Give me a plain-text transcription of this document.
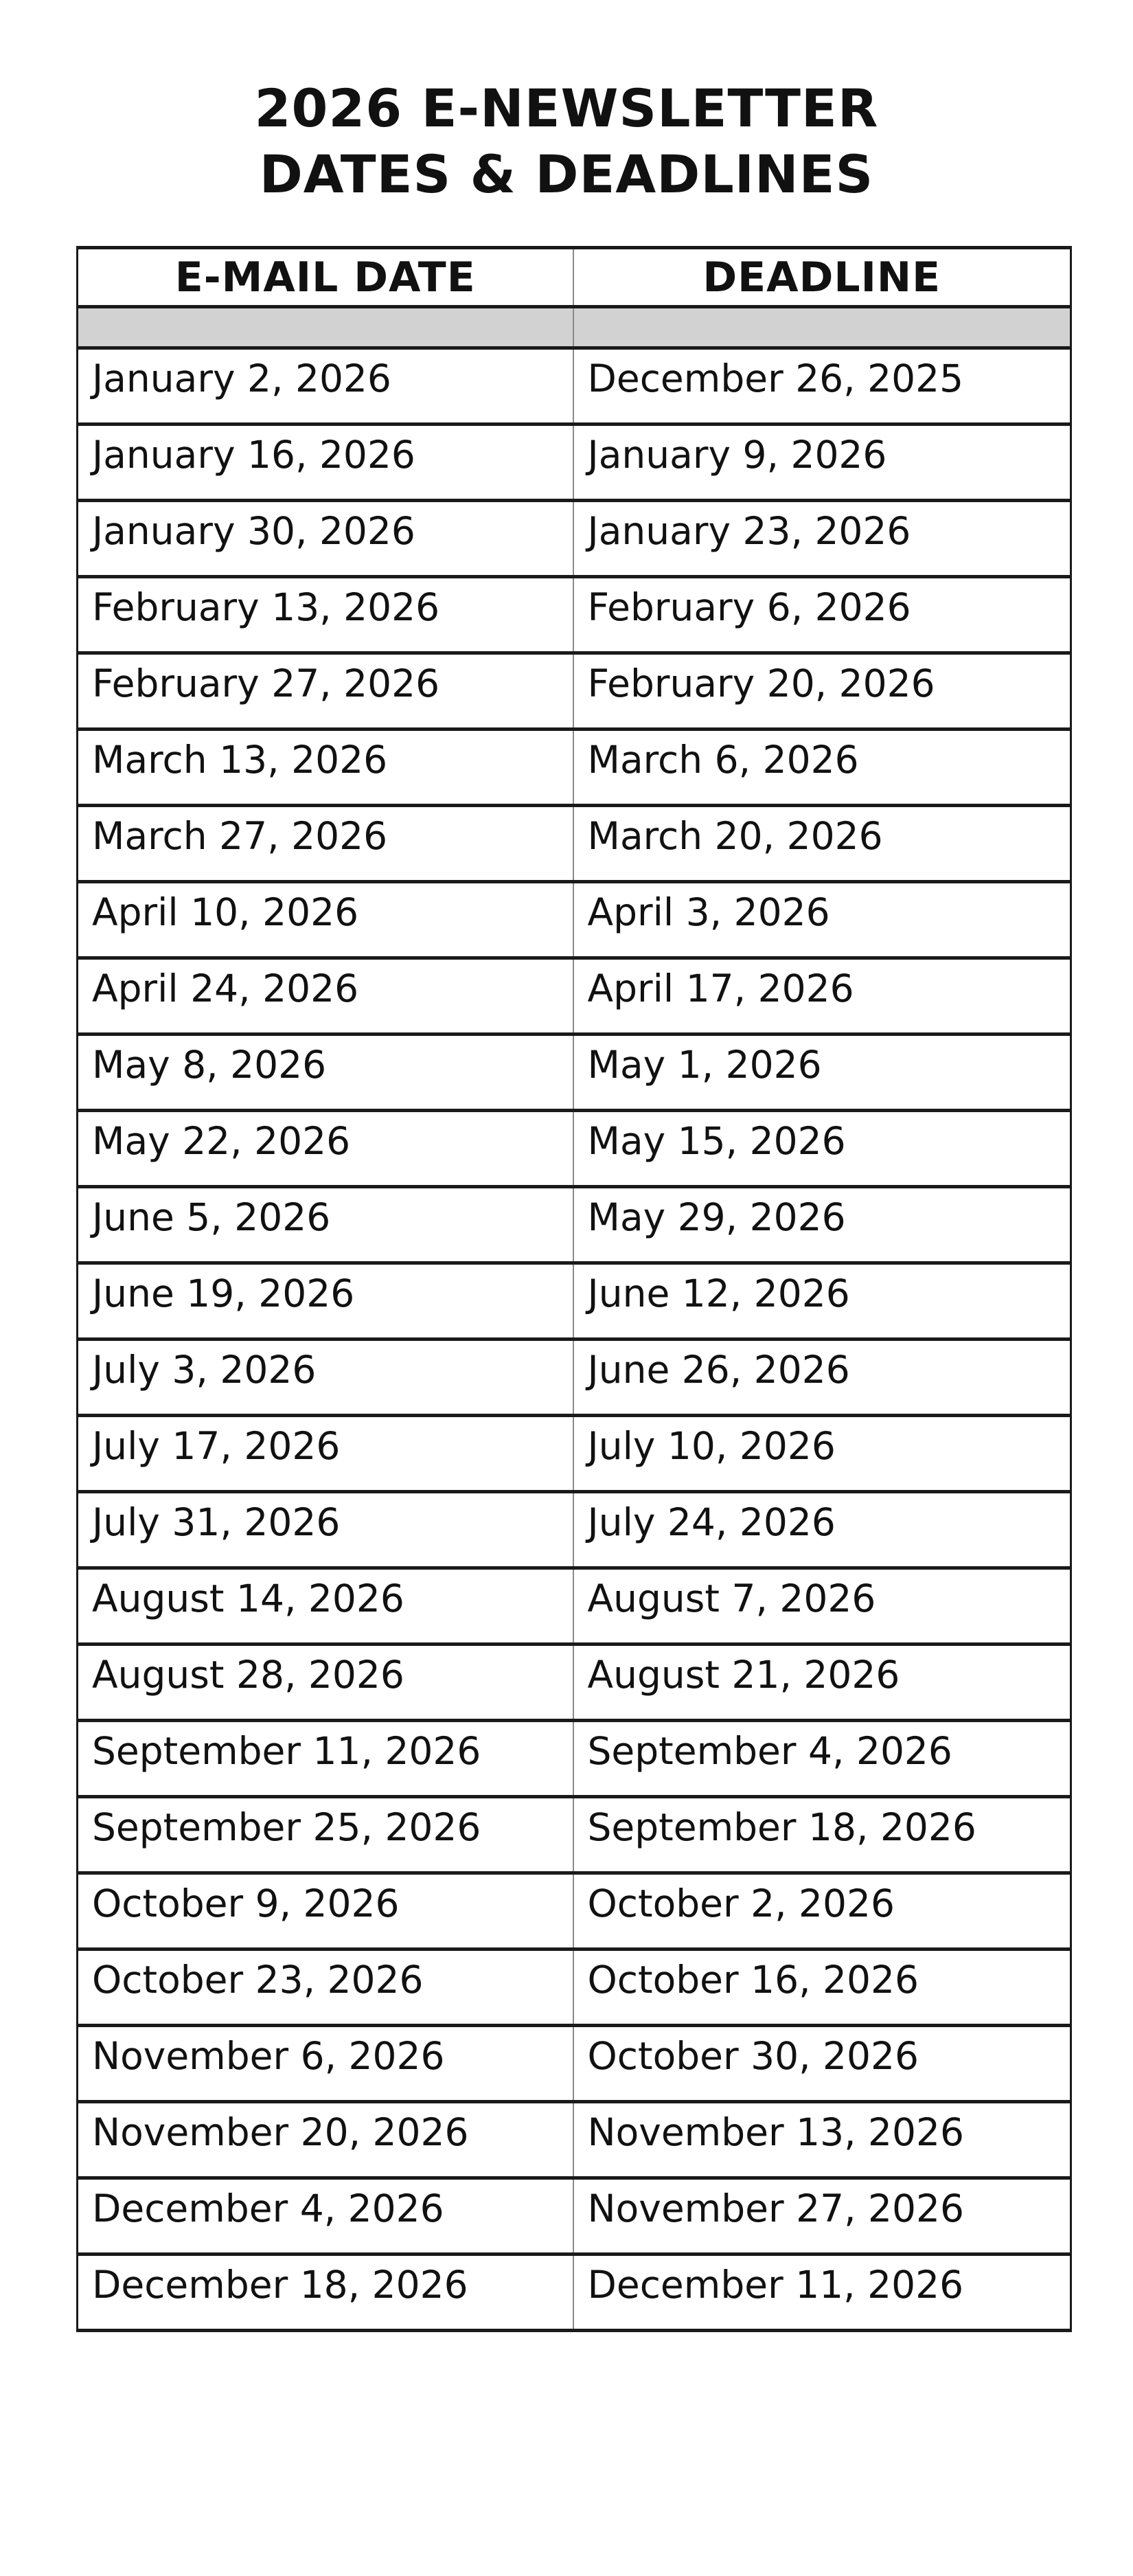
2026 E-NEWSLETTER
DATES & DEADLINES
E-MAIL DATE	DEADLINE

January 2, 2026	December 26, 2025
January 16, 2026	January 9, 2026
January 30, 2026	January 23, 2026
February 13, 2026	February 6, 2026
February 27, 2026	February 20, 2026
March 13, 2026	March 6, 2026
March 27, 2026	March 20, 2026
April 10, 2026	April 3, 2026
April 24, 2026	April 17, 2026
May 8, 2026	May 1, 2026
May 22, 2026	May 15, 2026
June 5, 2026	May 29, 2026
June 19, 2026	June 12, 2026
July 3, 2026	June 26, 2026
July 17, 2026	July 10, 2026
July 31, 2026	July 24, 2026
August 14, 2026	August 7, 2026
August 28, 2026	August 21, 2026
September 11, 2026	September 4, 2026
September 25, 2026	September 18, 2026
October 9, 2026	October 2, 2026
October 23, 2026	October 16, 2026
November 6, 2026	October 30, 2026
November 20, 2026	November 13, 2026
December 4, 2026	November 27, 2026
December 18, 2026	December 11, 2026
